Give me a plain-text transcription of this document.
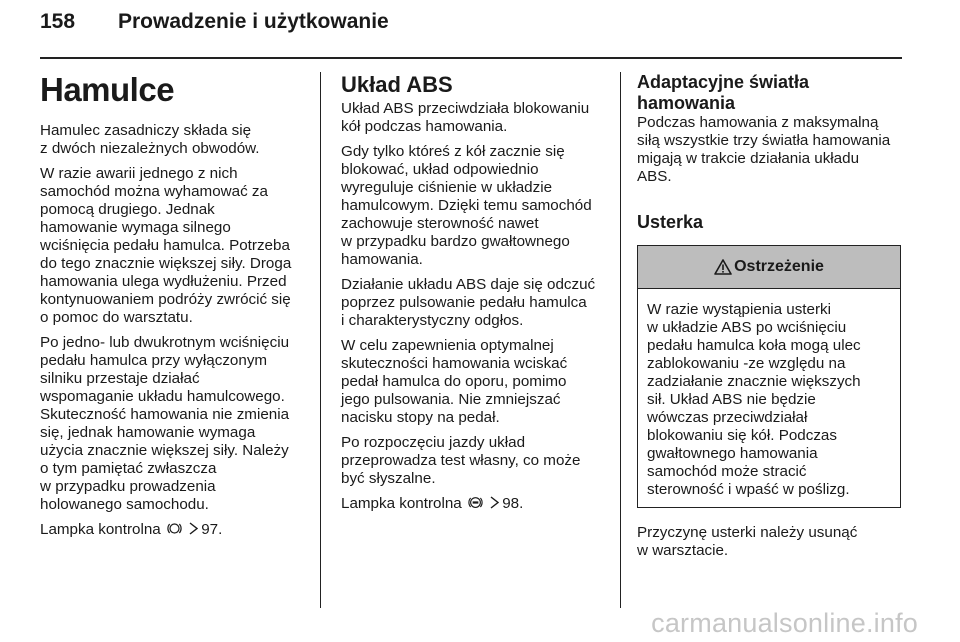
158 Prowadzenie i użytkowanie
Hamulce

Hamulec zasadniczy składa się
z dwóch niezależnych obwodów.

W razie awarii jednego z nich
samochód można wyhamować za
pomocą drugiego. Jednak
hamowanie wymaga silnego
wciśnięcia pedału hamulca. Potrzeba
do tego znacznie większej siły. Droga
hamowania ulega wydłużeniu. Przed
kontynuowaniem podróży zwrócić się
o pomoc do warsztatu.

Po jedno- lub dwukrotnym wciśnięciu
pedału hamulca przy wyłączonym
silniku przestaje działać
wspomaganie układu hamulcowego.
Skuteczność hamowania nie zmienia
się, jednak hamowanie wymaga
użycia znacznie większej siły. Należy
o tym pamiętać zwłaszcza
w przypadku prowadzenia
holowanego samochodu.

Lampka kontrolna	97.

Układ ABS

Układ ABS przeciwdziała blokowaniu
kół podczas hamowania.

Gdy tylko któreś z kół zacznie się
blokować, układ odpowiednio
wyreguluje ciśnienie w układzie
hamulcowym. Dzięki temu samochód
zachowuje sterowność nawet
w przypadku bardzo gwałtownego
hamowania.

Działanie układu ABS daje się odczuć
poprzez pulsowanie pedału hamulca
i charakterystyczny odgłos.

W celu zapewnienia optymalnej
skuteczności hamowania wciskać
pedał hamulca do oporu, pomimo
jego pulsowania. Nie zmniejszać
nacisku stopy na pedał.

Po rozpoczęciu jazdy układ
przeprowadza test własny, co może
być słyszalne.

Lampka kontrolna	98.

Adaptacyjne światła
hamowania

Podczas hamowania z maksymalną
siłą wszystkie trzy światła hamowania
migają w trakcie działania układu
ABS.

Usterka
Ostrzeżenie

W razie wystąpienia usterki
w układzie ABS po wciśnięciu
pedału hamulca koła mogą ulec
zablokowaniu -ze względu na
zadziałanie znacznie większych
sił. Układ ABS nie będzie
wówczas przeciwdziałał
blokowaniu się kół. Podczas
gwałtownego hamowania
samochód może stracić
sterowność i wpaść w poślizg.

Przyczynę usterki należy usunąć
w warsztacie.

carmanualsonline.info
